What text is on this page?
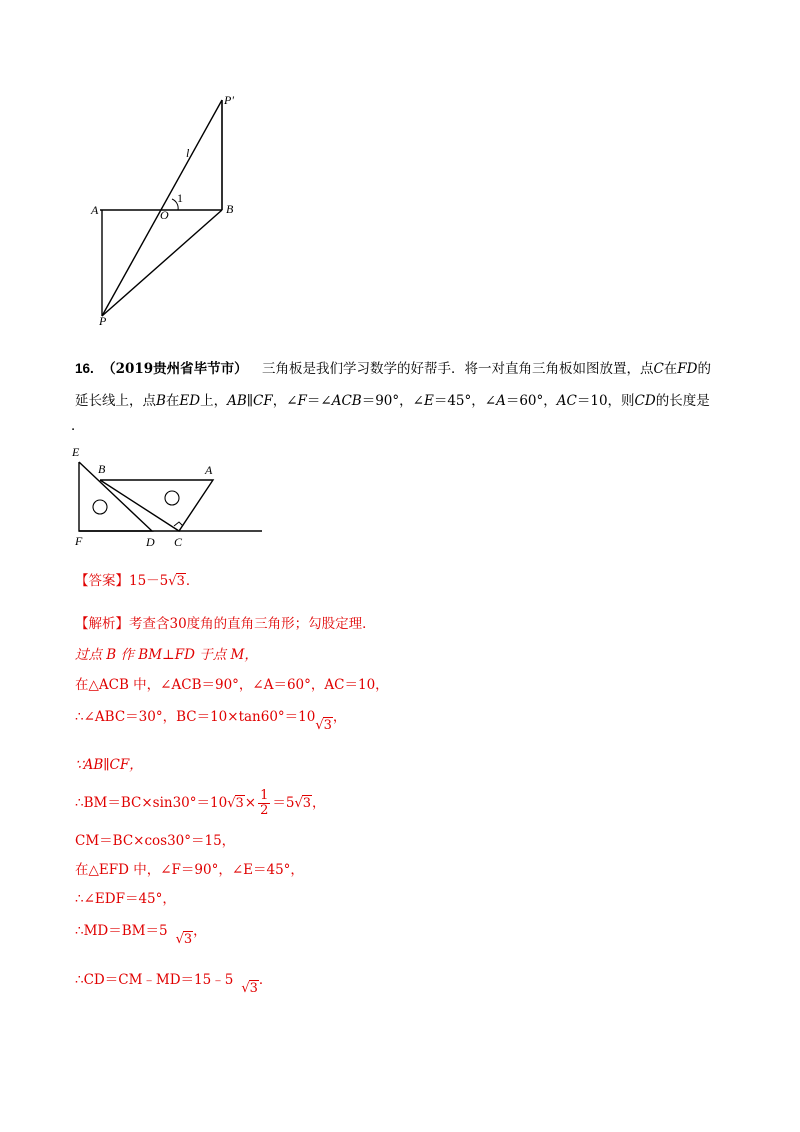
P'
l
1
A	O	B
P
16. （2019贵州省毕节市） 三角板是我们学习数学的好帮手．将一对直角三角板如图放置，点C在FD的
延长线上，点B在ED上，AB∥CF，∠F＝∠ACB＝90°，∠E＝45°，∠A＝60°，AC＝10，则CD的长度是
．
E
B	A
F	D C
【答案】15－5√3．
【解析】考查含30度角的直角三角形；勾股定理．
过点 B 作 BM⊥FD 于点 M，
在△ACB 中，∠ACB＝90°，∠A＝60°，AC＝10，
∴∠ABC＝30°，BC＝10×tan60°＝10√3，
∵AB∥CF，
∴BM＝BC×sin30°＝10√3× $\frac{1}{2} =5√3$，
CM＝BC×cos30°＝15，
在△EFD 中，∠F＝90°，∠E＝45°，
∴∠EDF＝45°，
∴MD＝BM＝5√3，
∴CD＝CM﹣MD＝15﹣5√3．
